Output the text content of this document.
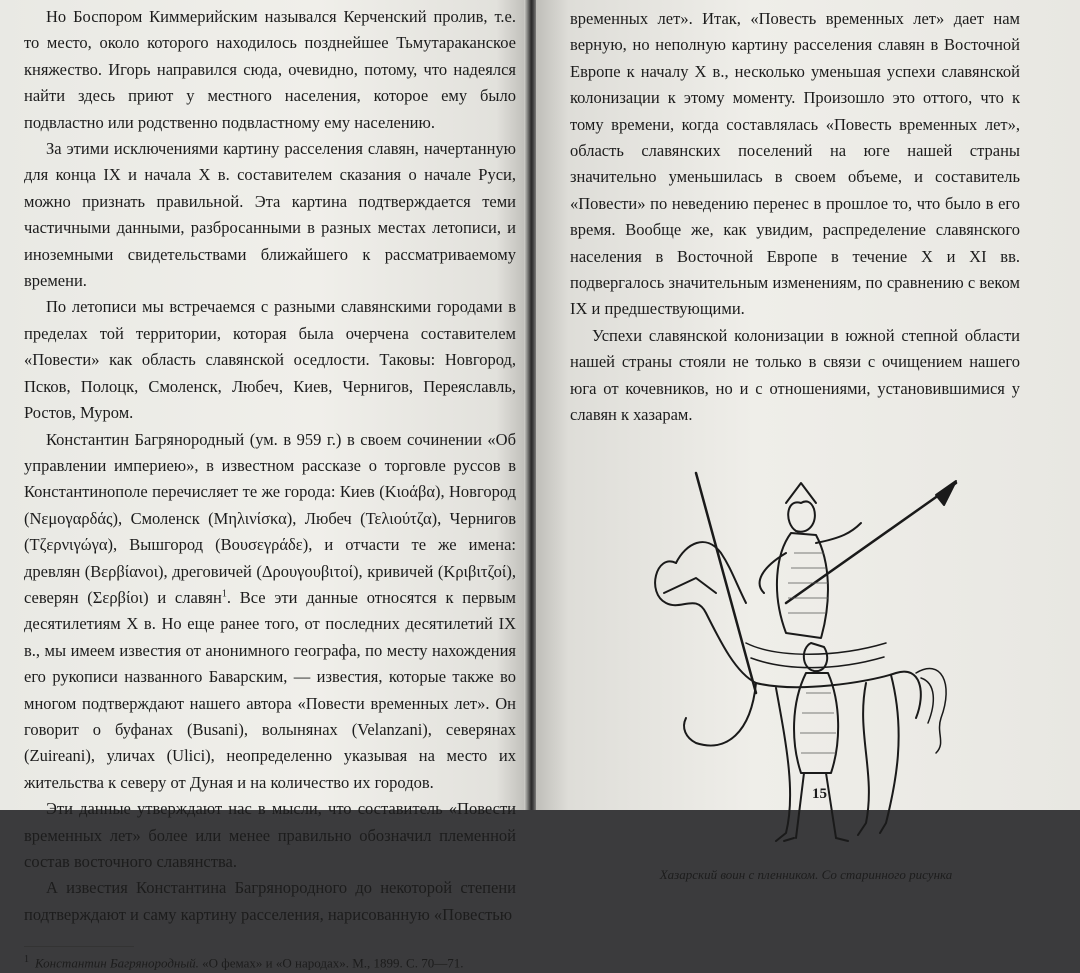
Но Боспором Киммерийским назывался Керченский пролив, т.е. то место, около которого находилось позднейшее Тьмутараканское княжество. Игорь направился сюда, очевидно, потому, что надеялся найти здесь приют у местного населения, которое ему было подвластно или родственно подвластному ему населению.

За этими исключениями картину расселения славян, начертанную для конца IX и начала X в. составителем сказания о начале Руси, можно признать правильной. Эта картина подтверждается теми частичными данными, разбросанными в разных местах летописи, и иноземными свидетельствами ближайшего к рассматриваемому времени.

По летописи мы встречаемся с разными славянскими городами в пределах той территории, которая была очерчена составителем «Повести» как область славянской оседлости. Таковы: Новгород, Псков, Полоцк, Смоленск, Любеч, Киев, Чернигов, Переяславль, Ростов, Муром.

Константин Багрянородный (ум. в 959 г.) в своем сочинении «Об управлении империею», в известном рассказе о торговле руссов в Константинополе перечисляет те же города: Киев (Κιοάβα), Новгород (Νεμογαρδάς), Смоленск (Μηλινίσκα), Любеч (Τελιούτζα), Чернигов (Τζερνιγώγα), Вышгород (Βουσεγράδε), и отчасти те же имена: древлян (Βερβίανοι), дреговичей (Δρουγουβιτοί), кривичей (Κριβιτζοί), северян (Σερβίοι) и славян$^1$. Все эти данные относятся к первым десятилетиям X в. Но еще ранее того, от последних десятилетий IX в., мы имеем известия от анонимного географа, по месту нахождения его рукописи названного Баварским, — известия, которые также во многом подтверждают нашего автора «Повести временных лет». Он говорит о буфанах (Busani), волынянах (Velanzani), северянах (Zuireani), уличах (Ulici), неопределенно указывая на место их жительства к северу от Дуная и на количество их городов.

Эти данные утверждают нас в мысли, что составитель «Повести временных лет» более или менее правильно обозначил племенной состав восточного славянства.

А известия Константина Багрянородного до некоторой степени подтверждают и саму картину расселения, нарисованную «Повестью

$^1$ Константин Багрянородный. «О фемах» и «О народах». М., 1899. С. 70—71.

временных лет». Итак, «Повесть временных лет» дает нам верную, но неполную картину расселения славян в Восточной Европе к началу X в., несколько уменьшая успехи славянской колонизации к этому моменту. Произошло это оттого, что к тому времени, когда составлялась «Повесть временных лет», область славянских поселений на юге нашей страны значительно уменьшилась в своем объеме, и составитель «Повести» по неведению перенес в прошлое то, что было в его время. Вообще же, как увидим, распределение славянского населения в Восточной Европе в течение X и XI вв. подвергалось значительным изменениям, по сравнению с веком IX и предшествующими.

Успехи славянской колонизации в южной степной области нашей страны стояли не только в связи с очищением нашего юга от кочевников, но и с отношениями, установившимися у славян к хазарам.

Хазарский воин с пленником. Со старинного рисунка

15
